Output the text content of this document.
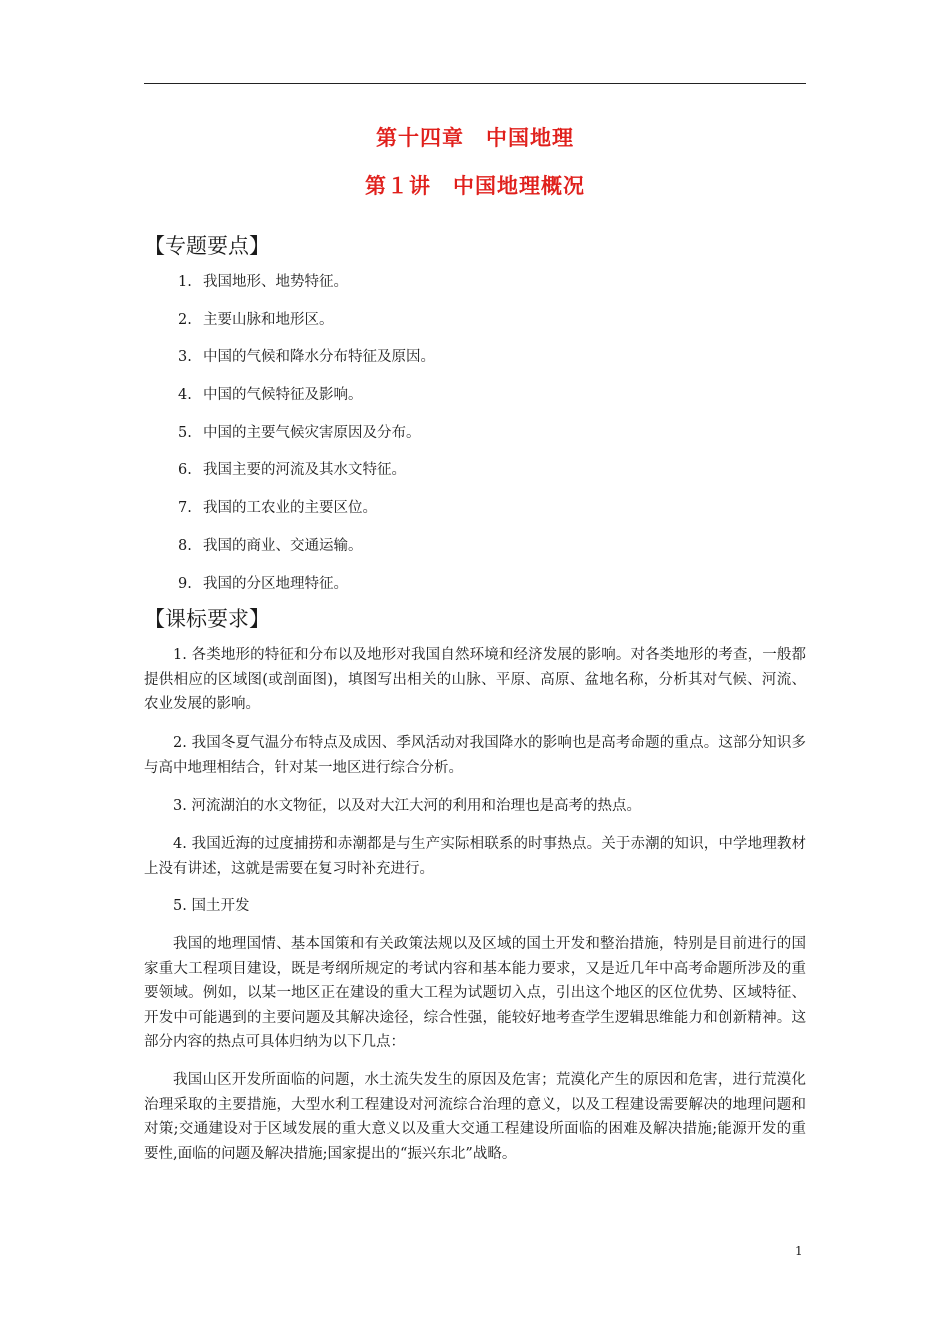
第十四章　中国地理
第１讲　中国地理概况
【专题要点】
1. 我国地形、地势特征。
2. 主要山脉和地形区。
3. 中国的气候和降水分布特征及原因。
4. 中国的气候特征及影响。
5. 中国的主要气候灾害原因及分布。
6. 我国主要的河流及其水文特征。
7. 我国的工农业的主要区位。
8. 我国的商业、交通运输。
9. 我国的分区地理特征。
【课标要求】

1. 各类地形的特征和分布以及地形对我国自然环境和经济发展的影响。对各类地形的考查，一般都提供相应的区域图(或剖面图)，填图写出相关的山脉、平原、高原、盆地名称，分析其对气候、河流、农业发展的影响。

2. 我国冬夏气温分布特点及成因、季风活动对我国降水的影响也是高考命题的重点。这部分知识多与高中地理相结合，针对某一地区进行综合分析。

3. 河流湖泊的水文物征，以及对大江大河的利用和治理也是高考的热点。

4. 我国近海的过度捕捞和赤潮都是与生产实际相联系的时事热点。关于赤潮的知识，中学地理教材上没有讲述，这就是需要在复习时补充进行。

5. 国土开发

我国的地理国情、基本国策和有关政策法规以及区域的国土开发和整治措施，特别是目前进行的国家重大工程项目建设，既是考纲所规定的考试内容和基本能力要求，又是近几年中高考命题所涉及的重要领域。例如，以某一地区正在建设的重大工程为试题切入点，引出这个地区的区位优势、区域特征、开发中可能遇到的主要问题及其解决途径，综合性强，能较好地考查学生逻辑思维能力和创新精神。这部分内容的热点可具体归纳为以下几点：

我国山区开发所面临的问题，水土流失发生的原因及危害；荒漠化产生的原因和危害，进行荒漠化治理采取的主要措施，大型水利工程建设对河流综合治理的意义，以及工程建设需要解决的地理问题和对策;交通建设对于区域发展的重大意义以及重大交通工程建设所面临的困难及解决措施;能源开发的重要性,面临的问题及解决措施;国家提出的“振兴东北”战略。

1
